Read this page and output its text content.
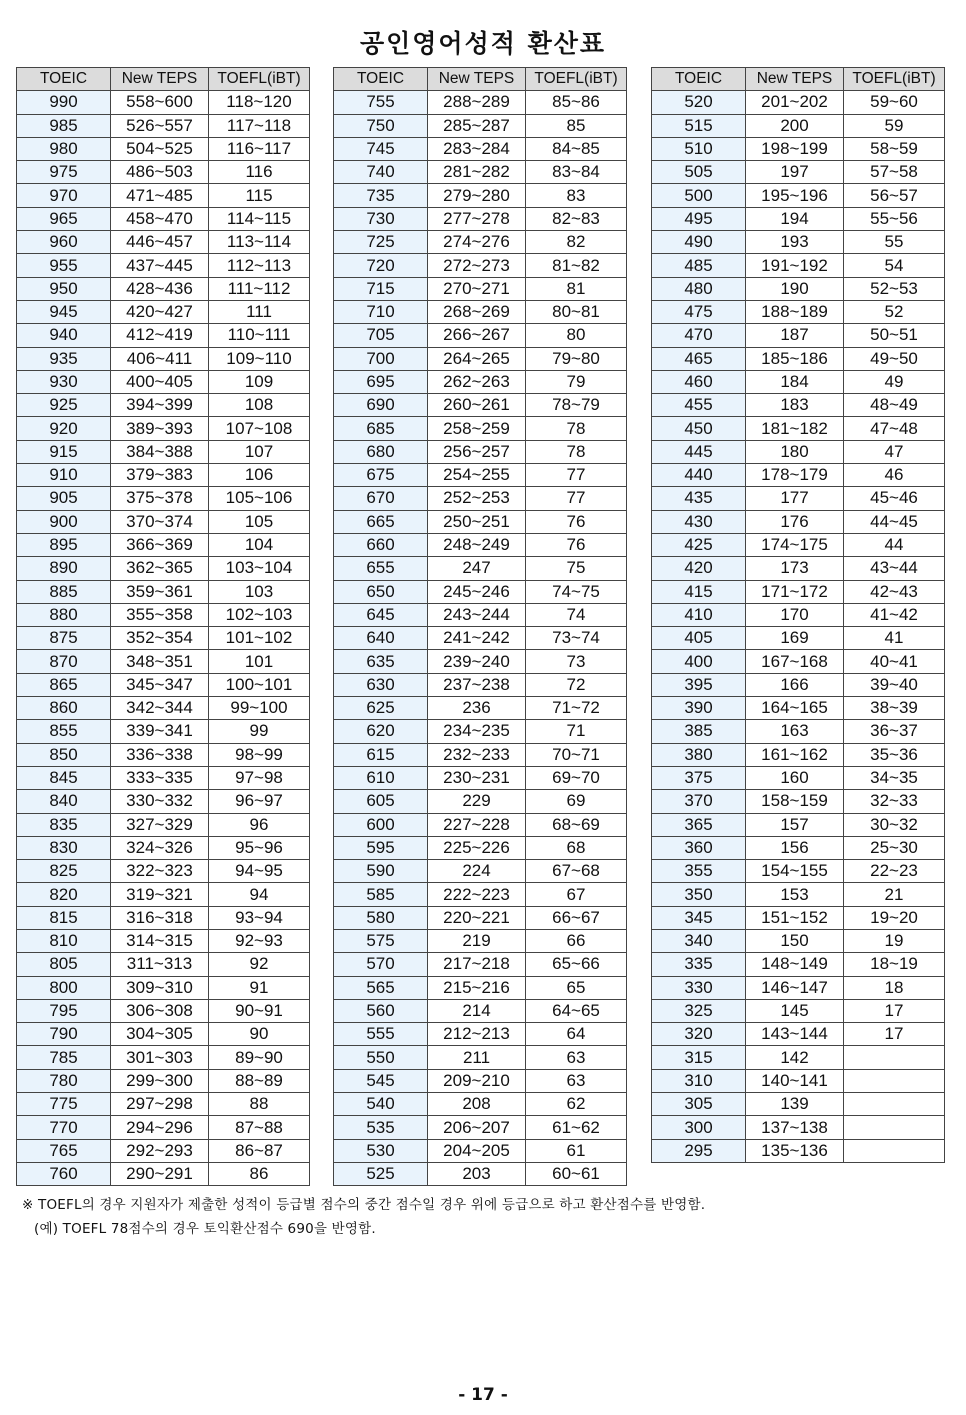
공인영어성적 환산표
TOEIC	New TEPS	TOEFL(iBT)
990	558~600	118~120
985	526~557	117~118
980	504~525	116~117
975	486~503	116
970	471~485	115
965	458~470	114~115
960	446~457	113~114
955	437~445	112~113
950	428~436	111~112
945	420~427	111
940	412~419	110~111
935	406~411	109~110
930	400~405	109
925	394~399	108
920	389~393	107~108
915	384~388	107
910	379~383	106
905	375~378	105~106
900	370~374	105
895	366~369	104
890	362~365	103~104
885	359~361	103
880	355~358	102~103
875	352~354	101~102
870	348~351	101
865	345~347	100~101
860	342~344	99~100
855	339~341	99
850	336~338	98~99
845	333~335	97~98
840	330~332	96~97
835	327~329	96
830	324~326	95~96
825	322~323	94~95
820	319~321	94
815	316~318	93~94
810	314~315	92~93
805	311~313	92
800	309~310	91
795	306~308	90~91
790	304~305	90
785	301~303	89~90
780	299~300	88~89
775	297~298	88
770	294~296	87~88
765	292~293	86~87
760	290~291	86
TOEIC	New TEPS	TOEFL(iBT)
755	288~289	85~86
750	285~287	85
745	283~284	84~85
740	281~282	83~84
735	279~280	83
730	277~278	82~83
725	274~276	82
720	272~273	81~82
715	270~271	81
710	268~269	80~81
705	266~267	80
700	264~265	79~80
695	262~263	79
690	260~261	78~79
685	258~259	78
680	256~257	78
675	254~255	77
670	252~253	77
665	250~251	76
660	248~249	76
655	247	75
650	245~246	74~75
645	243~244	74
640	241~242	73~74
635	239~240	73
630	237~238	72
625	236	71~72
620	234~235	71
615	232~233	70~71
610	230~231	69~70
605	229	69
600	227~228	68~69
595	225~226	68
590	224	67~68
585	222~223	67
580	220~221	66~67
575	219	66
570	217~218	65~66
565	215~216	65
560	214	64~65
555	212~213	64
550	211	63
545	209~210	63
540	208	62
535	206~207	61~62
530	204~205	61
525	203	60~61
TOEIC	New TEPS	TOEFL(iBT)
520	201~202	59~60
515	200	59
510	198~199	58~59
505	197	57~58
500	195~196	56~57
495	194	55~56
490	193	55
485	191~192	54
480	190	52~53
475	188~189	52
470	187	50~51
465	185~186	49~50
460	184	49
455	183	48~49
450	181~182	47~48
445	180	47
440	178~179	46
435	177	45~46
430	176	44~45
425	174~175	44
420	173	43~44
415	171~172	42~43
410	170	41~42
405	169	41
400	167~168	40~41
395	166	39~40
390	164~165	38~39
385	163	36~37
380	161~162	35~36
375	160	34~35
370	158~159	32~33
365	157	30~32
360	156	25~30
355	154~155	22~23
350	153	21
345	151~152	19~20
340	150	19
335	148~149	18~19
330	146~147	18
325	145	17
320	143~144	17
315	142	
310	140~141	
305	139	
300	137~138	
295	135~136	
※ TOEFL의 경우 지원자가 제출한 성적이 등급별 점수의 중간 점수일 경우 위에 등급으로 하고 환산점수를 반영함.
(예) TOEFL 78점수의 경우 토익환산점수 690을 반영함.
- 17 -
